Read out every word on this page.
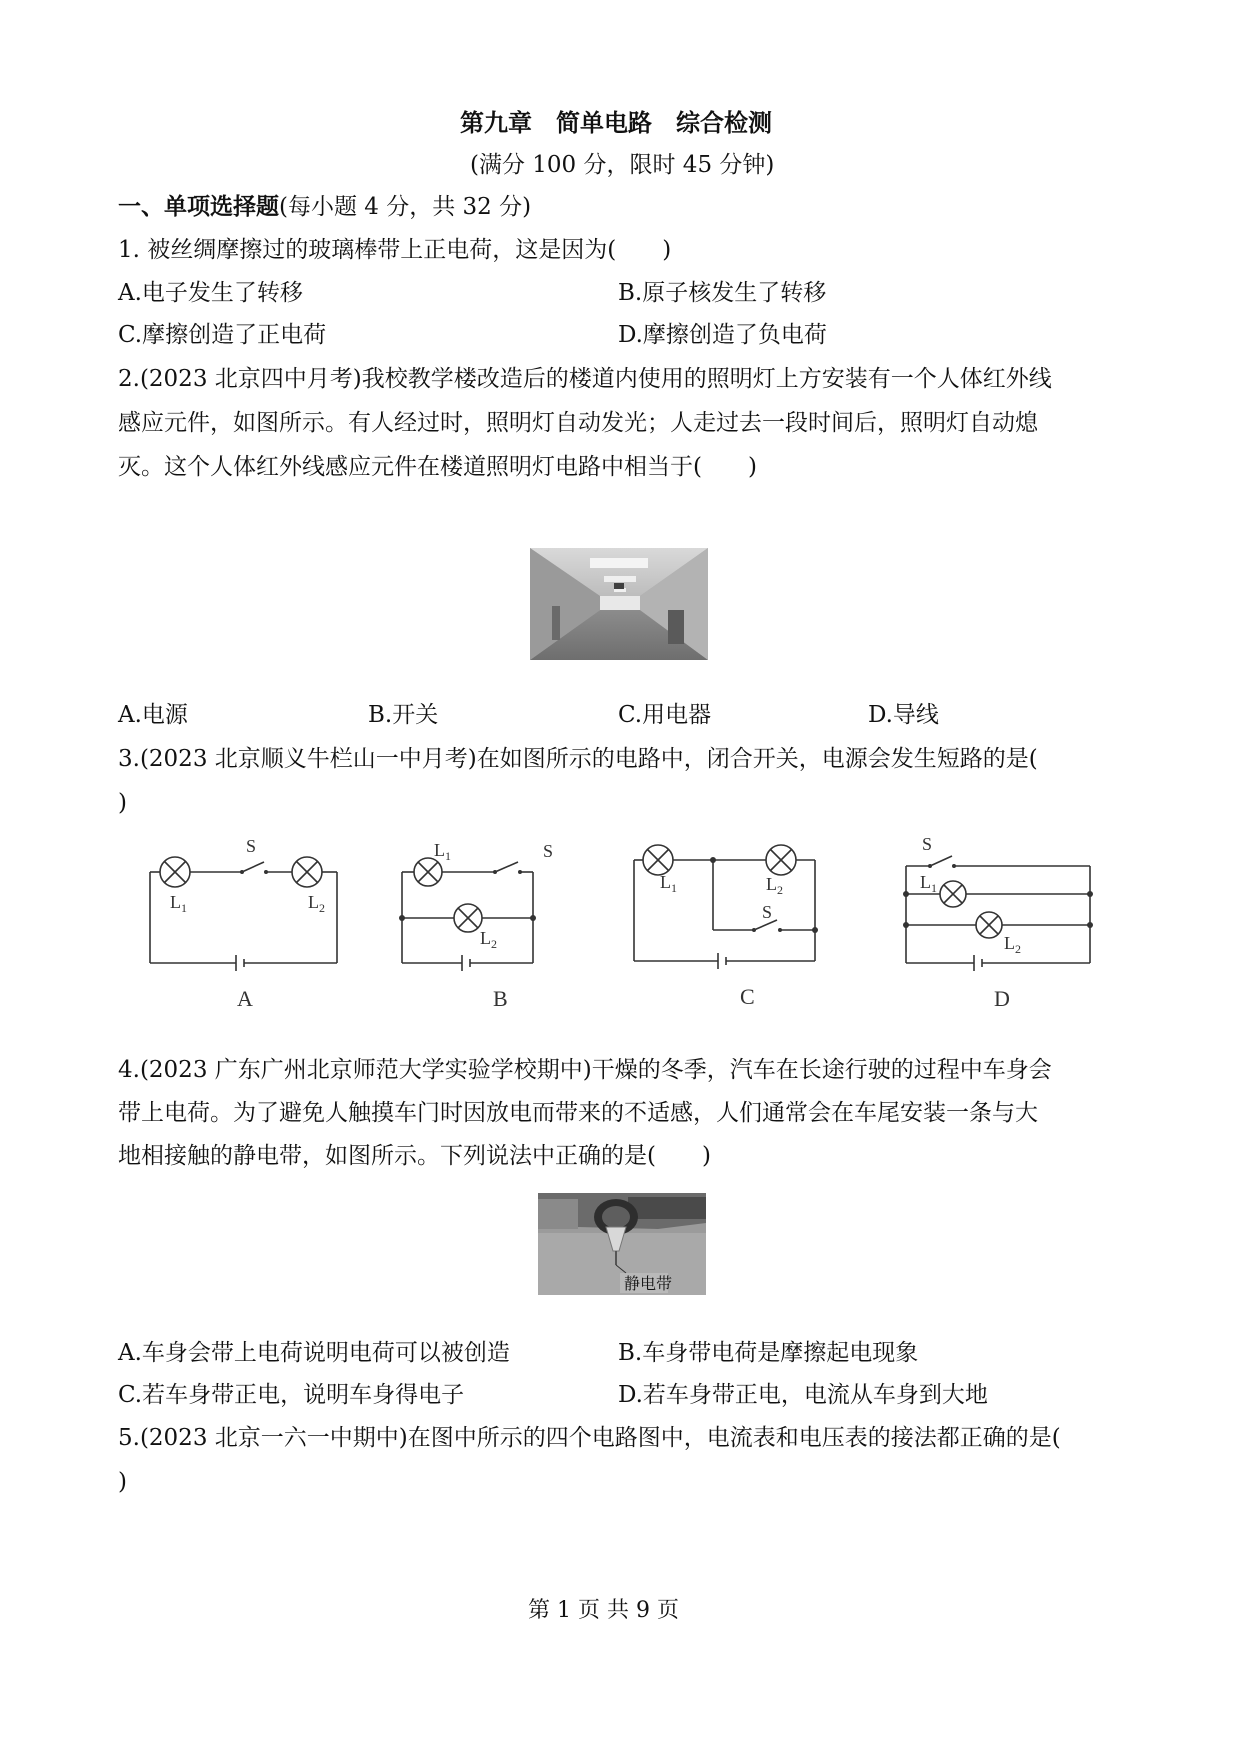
第九章　简单电路　综合检测
(满分 100 分，限时 45 分钟)
一、单项选择题(每小题 4 分，共 32 分)
1. 被丝绸摩擦过的玻璃棒带上正电荷，这是因为(　　)
A.电子发生了转移	B.原子核发生了转移
C.摩擦创造了正电荷	D.摩擦创造了负电荷
2.(2023 北京四中月考)我校教学楼改造后的楼道内使用的照明灯上方安装有一个人体红外线
感应元件，如图所示。有人经过时，照明灯自动发光；人走过去一段时间后，照明灯自动熄
灭。这个人体红外线感应元件在楼道照明灯电路中相当于(　　)
A.电源	B.开关	C.用电器	D.导线
3.(2023 北京顺义牛栏山一中月考)在如图所示的电路中，闭合开关，电源会发生短路的是(
)
S
$L_1$	$L_2$
S
$L_1$
$L_2$
$L_1$	$L_2$
S
S
$L_1$
$L_2$
A	B	C	D
4.(2023 广东广州北京师范大学实验学校期中)干燥的冬季，汽车在长途行驶的过程中车身会
带上电荷。为了避免人触摸车门时因放电而带来的不适感，人们通常会在车尾安装一条与大
地相接触的静电带，如图所示。下列说法中正确的是(　　)
静电带
A.车身会带上电荷说明电荷可以被创造	B.车身带电荷是摩擦起电现象
C.若车身带正电，说明车身得电子	D.若车身带正电，电流从车身到大地
5.(2023 北京一六一中期中)在图中所示的四个电路图中，电流表和电压表的接法都正确的是(
)
第 1 页 共 9 页
